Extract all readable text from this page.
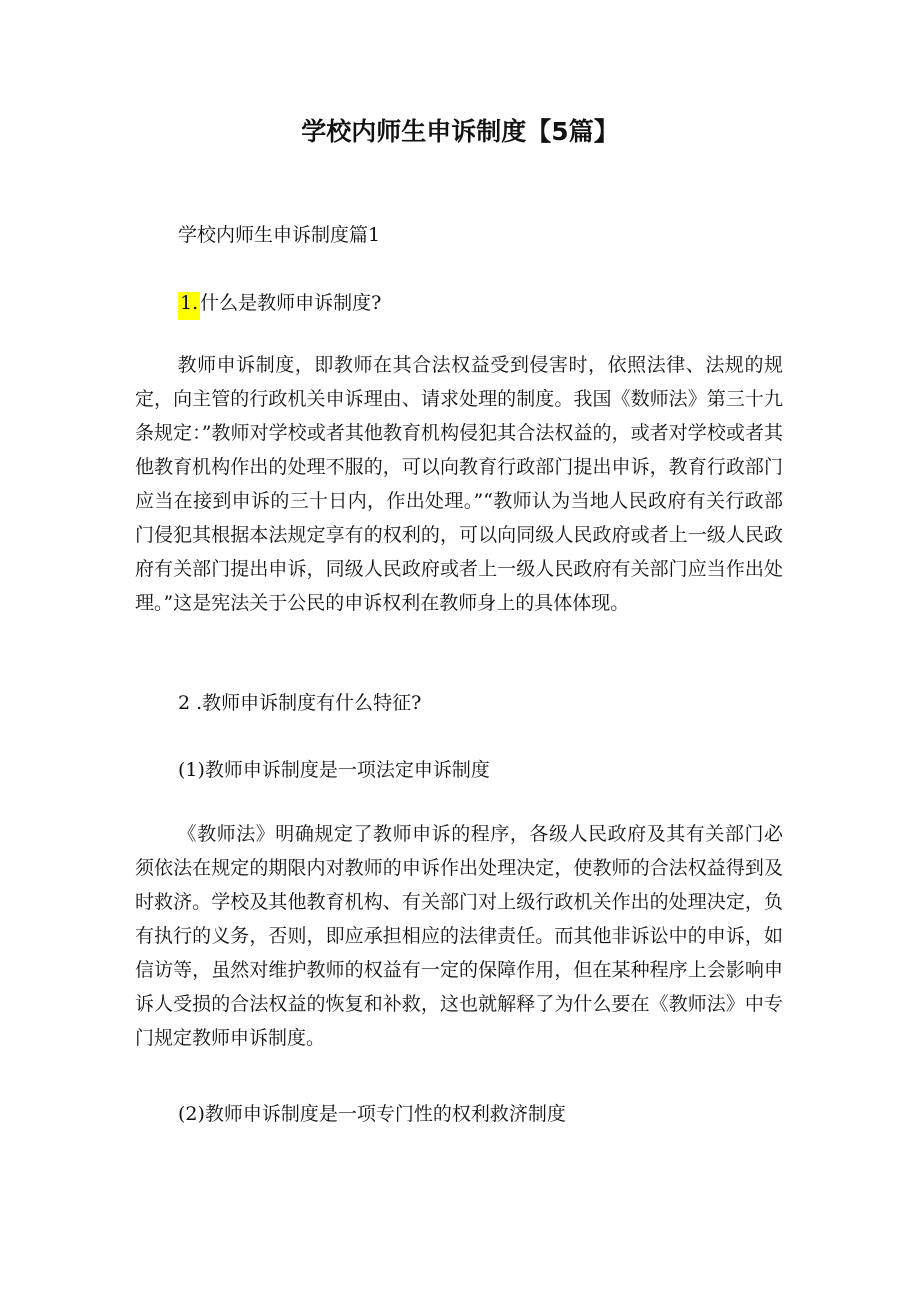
学校内师生申诉制度【5篇】
学校内师生申诉制度篇1
1. 什么是教师申诉制度?
教师申诉制度，即教师在其合法权益受到侵害时，依照法律、法规的规定，向主管的行政机关申诉理由、请求处理的制度。我国《数师法》第三十九条规定：”教师对学校或者其他教育机构侵犯其合法权益的，或者对学校或者其他教育机构作出的处理不服的，可以向教育行政部门提出申诉，教育行政部门应当在接到申诉的三十日内，作出处理。”“教师认为当地人民政府有关行政部门侵犯其根据本法规定享有的权利的，可以向同级人民政府或者上一级人民政府有关部门提出申诉，同级人民政府或者上一级人民政府有关部门应当作出处理。”这是宪法关于公民的申诉权利在教师身上的具体体现。
2 .教师申诉制度有什么特征?
(1)教师申诉制度是一项法定申诉制度
《教师法》明确规定了教师申诉的程序，各级人民政府及其有关部门必须依法在规定的期限内对教师的申诉作出处理决定，使教师的合法权益得到及时救济。学校及其他教育机构、有关部门对上级行政机关作出的处理决定，负有执行的义务，否则，即应承担相应的法律责任。而其他非诉讼中的申诉，如信访等，虽然对维护教师的权益有一定的保障作用，但在某种程序上会影响申诉人受损的合法权益的恢复和补救，这也就解释了为什么要在《教师法》中专门规定教师申诉制度。
(2)教师申诉制度是一项专门性的权利救济制度
